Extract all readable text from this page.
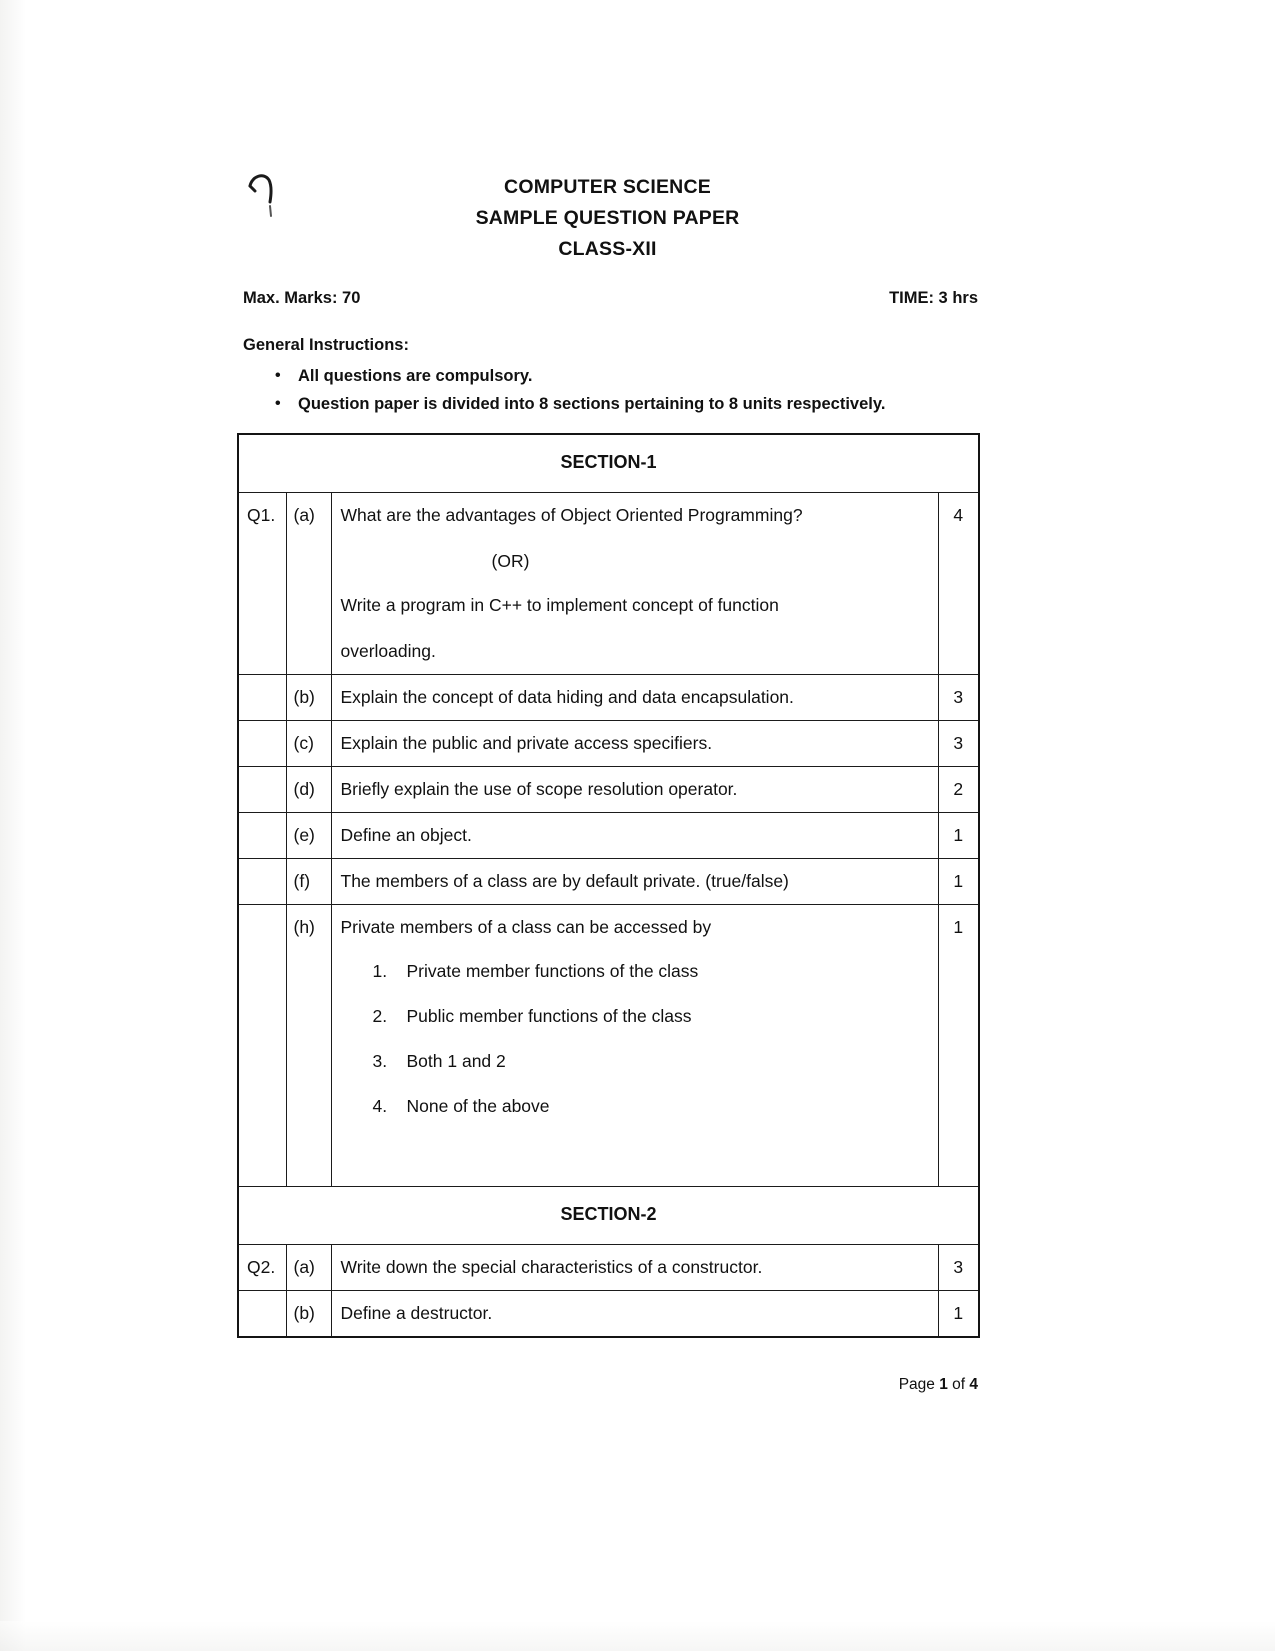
COMPUTER SCIENCE
SAMPLE QUESTION PAPER
CLASS-XII
Max. Marks: 70	TIME: 3 hrs
General Instructions:
• All questions are compulsory.
• Question paper is divided into 8 sections pertaining to 8 units respectively.
SECTION-1			
Q1.	(a)	What are the advantages of Object Oriented Programming?
(OR)
Write a program in C++ to implement concept of function
overloading.	4
	(b)	Explain the concept of data hiding and data encapsulation.	3
	(c)	Explain the public and private access specifiers.	3
	(d)	Briefly explain the use of scope resolution operator.	2
	(e)	Define an object.	1
	(f)	The members of a class are by default private. (true/false)	1
	(h)	Private members of a class can be accessed by
Private member functions of the class
Public member functions of the class
Both 1 and 2
None of the above
	1
SECTION-2			
Q2.	(a)	Write down the special characteristics of a constructor.	3
	(b)	Define a destructor.	1
Page 1 of 4
